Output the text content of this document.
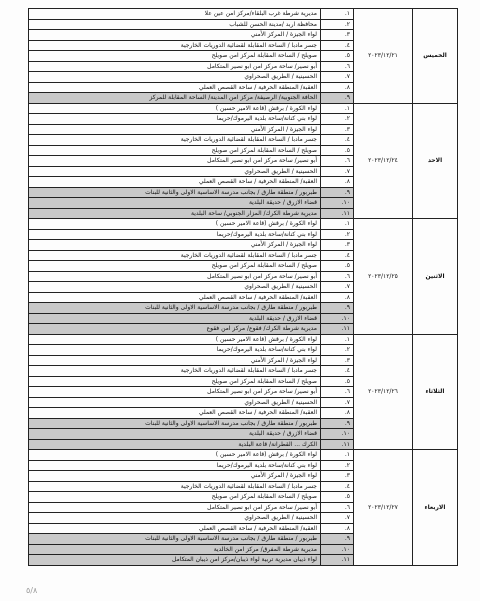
الخميس	٢٠٢٣/١٢/٢١	١.	مديرية شرطة غرب البلقاء/مركز امن عين علا
		٢.	محافظة اربد /مدينة الحسن للشباب
		٣.	لواء الجيزة / المركز الأمني
		٤.	جسر مادبا / الساحة المقابلة لقضائية الدوريات الخارجية
		٥.	صويلح / الساحة المقابلة لمركز امن صويلح
		٦.	أبو نصير/ ساحة مركز امن ابو نصير المتكامل
		٧.	الحسينية / الطريق الصحراوي
		٨.	العقبة/ المنطقة الحرفية / ساحة القصص العملي
		٩.	الحافة الجنوبية/ الرصيفة/ مركز امن المدينة/ الساحة المقابلة للمركز
الاحد	٢٠٢٣/١٢/٢٤	١.	لواء الكورة / برقش (قاعة الامير حسين )
		٢.	لواء بني كنانة/ساحة بلدية اليرموك/حريما
		٣.	لواء الجيزة / المركز الأمني
		٤.	جسر مادبا / الساحة المقابلة لقضائية الدوريات الخارجية
		٥.	صويلح / الساحة المقابلة لمركز امن صويلح
		٦.	أبو نصير/ ساحة مركز امن ابو نصير المتكامل
		٧.	الحسينية / الطريق الصحراوي
		٨.	العقبة/ المنطقة الحرفية / ساحة القصص العملي
		٩.	طبربور / منطقة طارق / بجانب مدرسة الاساسية الاولى والثانية للبنات
		١٠.	قضاء الازرق / حديقة البلدية
		١١.	مديرية شرطة الكرك/ المزار الجنوبي/ ساحة البلدية
الاثنين	٢٠٢٣/١٢/٢٥	١.	لواء الكورة / برقش (قاعة الامير حسين )
		٢.	لواء بني كنانة/ساحة بلدية اليرموك/حريما
		٣.	لواء الجيزة / المركز الأمني
		٤.	جسر مادبا / الساحة المقابلة لقضائية الدوريات الخارجية
		٥.	صويلح / الساحة المقابلة لمركز امن صويلح
		٦.	أبو نصير/ ساحة مركز امن ابو نصير المتكامل
		٧.	الحسينية / الطريق الصحراوي
		٨.	العقبة/ المنطقة الحرفية / ساحة القصص العملي
		٩.	طبربور / منطقة طارق / بجانب مدرسة الاساسية الاولى والثانية للبنات
		١٠.	قضاء الازرق / حديقة البلدية
		١١.	مديرية شرطة الكرك/ فقوع/ مركز امن فقوع
الثلاثاء	٢٠٢٣/١٢/٢٦	١.	لواء الكورة / برقش (قاعة الامير حسين )
		٢.	لواء بني كنانة/ساحة بلدية اليرموك/حريما
		٣.	لواء الجيزة / المركز الأمني
		٤.	جسر مادبا / الساحة المقابلة لقضائية الدوريات الخارجية
		٥.	صويلح / الساحة المقابلة لمركز امن صويلح
		٦.	أبو نصير/ ساحة مركز امن ابو نصير المتكامل
		٧.	الحسينية / الطريق الصحراوي
		٨.	العقبة/ المنطقة الحرفية / ساحة القصص العملي
		٩.	طبربور / منطقة طارق / بجانب مدرسة الاساسية الاولى والثانية للبنات
		١٠.	قضاء الازرق / حديقة البلدية
		١١.	الكرك ... القطرانة/ قاعة البلدية
الاربعاء	٢٠٢٣/١٢/٢٧	١.	لواء الكورة / برقش (قاعة الامير حسين )
		٢.	لواء بني كنانة/ساحة بلدية اليرموك/حريما
		٣.	لواء الجيزة / المركز الأمني
		٤.	جسر مادبا / الساحة المقابلة لقضائية الدوريات الخارجية
		٥.	صويلح / الساحة المقابلة لمركز امن صويلح
		٦.	أبو نصير/ ساحة مركز امن ابو نصير المتكامل
		٧.	الحسينية / الطريق الصحراوي
		٨.	العقبة/ المنطقة الحرفية / ساحة القصص العملي
		٩.	طبربور / منطقة طارق / بجانب مدرسة الاساسية الاولى والثانية للبنات
		١٠.	مديرية شرطة المفرق/ مركز امن الخالدية
		١١.	لواء ذيبان مديرية تربية لواء ذيبان/مركز امن ذيبان المتكامل
٥/٨
